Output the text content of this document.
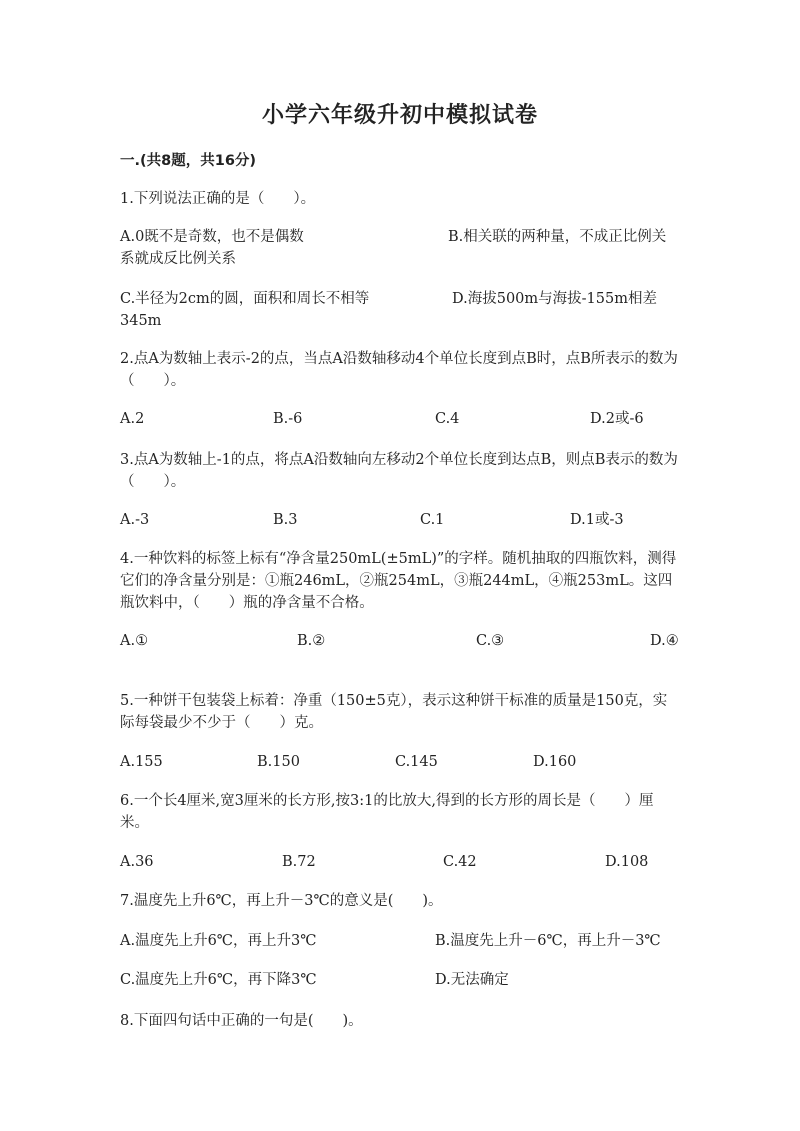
小学六年级升初中模拟试卷
一.(共8题，共16分)
1.下列说法正确的是（　　）。
A.0既不是奇数，也不是偶数	B.相关联的两种量，不成正比例关系就成反比例关系
C.半径为2cm的圆，面积和周长不相等	D.海拔500m与海拔-155m相差345m
2.点A为数轴上表示-2的点，当点A沿数轴移动4个单位长度到点B时，点B所表示的数为（　　）。
A.2	B.-6	C.4	D.2或-6
3.点A为数轴上-1的点，将点A沿数轴向左移动2个单位长度到达点B，则点B表示的数为（　　）。
A.-3	B.3	C.1	D.1或-3
4.一种饮料的标签上标有“净含量250mL(±5mL)”的字样。随机抽取的四瓶饮料，测得它们的净含量分别是：①瓶246mL，②瓶254mL，③瓶244mL，④瓶253mL。这四瓶饮料中，（　　）瓶的净含量不合格。
A.①	B.②	C.③	D.④
5.一种饼干包装袋上标着：净重（150±5克），表示这种饼干标准的质量是150克，实际每袋最少不少于（　　）克。
A.155	B.150	C.145	D.160
6.一个长4厘米,宽3厘米的长方形,按3:1的比放大,得到的长方形的周长是（　　）厘米。
A.36	B.72	C.42	D.108
7.温度先上升6℃，再上升－3℃的意义是(　　)。
A.温度先上升6℃，再上升3℃	B.温度先上升－6℃，再上升－3℃
C.温度先上升6℃，再下降3℃	D.无法确定
8.下面四句话中正确的一句是(　　)。
